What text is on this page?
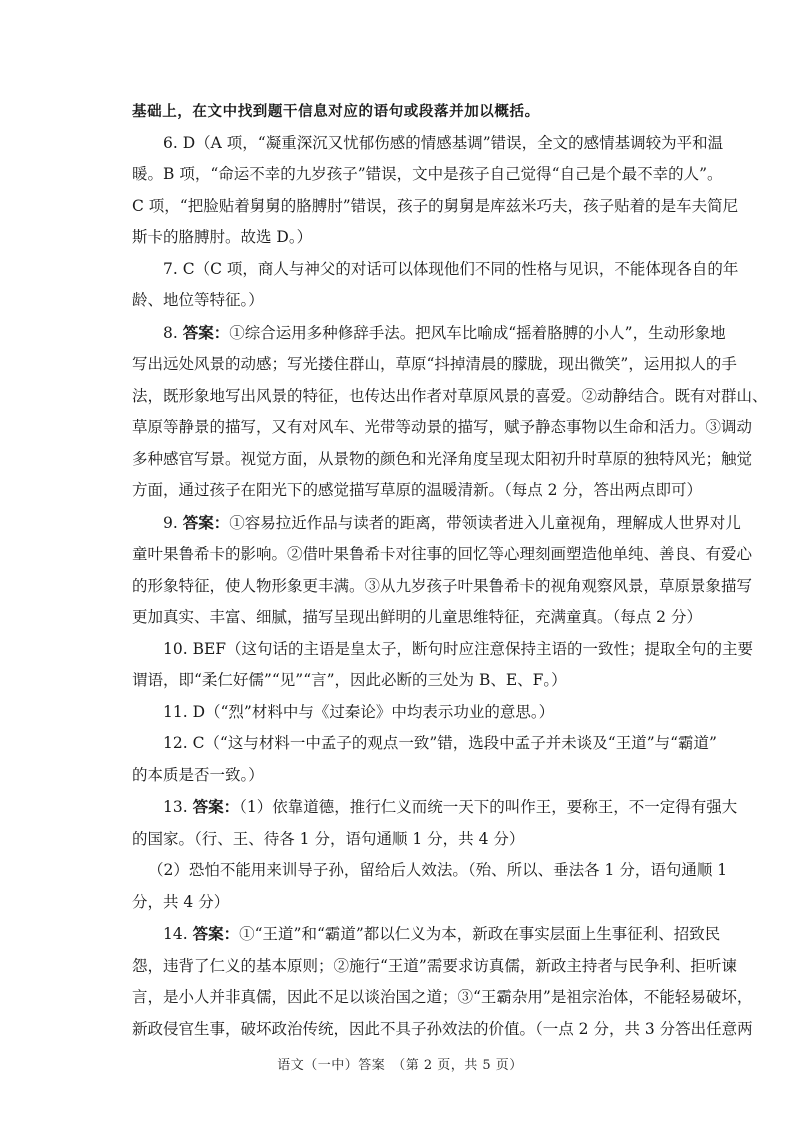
基础上，在文中找到题干信息对应的语句或段落并加以概括。
6. D（A 项，“凝重深沉又忧郁伤感的情感基调”错误，全文的感情基调较为平和温
暖。B 项，“命运不幸的九岁孩子”错误，文中是孩子自己觉得“自己是个最不幸的人”。
C 项，“把脸贴着舅舅的胳膊肘”错误，孩子的舅舅是库兹米巧夫，孩子贴着的是车夫简尼
斯卡的胳膊肘。故选 D。）
7. C（C 项，商人与神父的对话可以体现他们不同的性格与见识，不能体现各自的年
龄、地位等特征。）
8. 答案：①综合运用多种修辞手法。把风车比喻成“摇着胳膊的小人”，生动形象地
写出远处风景的动感；写光搂住群山，草原“抖掉清晨的朦胧，现出微笑”，运用拟人的手
法，既形象地写出风景的特征，也传达出作者对草原风景的喜爱。②动静结合。既有对群山、
草原等静景的描写，又有对风车、光带等动景的描写，赋予静态事物以生命和活力。③调动
多种感官写景。视觉方面，从景物的颜色和光泽角度呈现太阳初升时草原的独特风光；触觉
方面，通过孩子在阳光下的感觉描写草原的温暖清新。（每点 2 分，答出两点即可）
9. 答案：①容易拉近作品与读者的距离，带领读者进入儿童视角，理解成人世界对儿
童叶果鲁希卡的影响。②借叶果鲁希卡对往事的回忆等心理刻画塑造他单纯、善良、有爱心
的形象特征，使人物形象更丰满。③从九岁孩子叶果鲁希卡的视角观察风景，草原景象描写
更加真实、丰富、细腻，描写呈现出鲜明的儿童思维特征，充满童真。（每点 2 分）
10. BEF（这句话的主语是皇太子，断句时应注意保持主语的一致性；提取全句的主要
谓语，即“柔仁好儒”“见”“言”，因此必断的三处为 B、E、F。）
11. D（“烈”材料中与《过秦论》中均表示功业的意思。）
12. C（“这与材料一中孟子的观点一致”错，选段中孟子并未谈及“王道”与“霸道”
的本质是否一致。）
13. 答案：（1）依靠道德，推行仁义而统一天下的叫作王，要称王，不一定得有强大
的国家。（行、王、待各 1 分，语句通顺 1 分，共 4 分）
（2）恐怕不能用来训导子孙，留给后人效法。（殆、所以、垂法各 1 分，语句通顺 1
分，共 4 分）
14. 答案：①“王道”和“霸道”都以仁义为本，新政在事实层面上生事征利、招致民
怨，违背了仁义的基本原则；②施行“王道”需要求访真儒，新政主持者与民争利、拒听谏
言，是小人并非真儒，因此不足以谈治国之道；③“王霸杂用”是祖宗治体，不能轻易破坏，
新政侵官生事，破坏政治传统，因此不具子孙效法的价值。（一点 2 分，共 3 分答出任意两
语文（一中）答案　（第 2 页，共 5 页）
